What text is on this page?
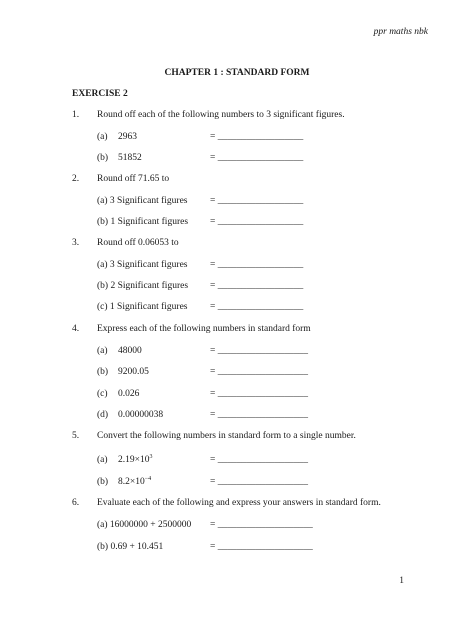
ppr maths nbk
CHAPTER 1 : STANDARD FORM
EXERCISE 2
1. Round off each of the following numbers to 3 significant figures.
(a) 2963	= __________________
(b) 51852	= __________________
2. Round off 71.65 to
(a) 3 Significant figures = __________________
(b) 1 Significant figures = __________________
3. Round off 0.06053 to
(a) 3 Significant figures = __________________
(b) 2 Significant figures = __________________
(c) 1 Significant figures = __________________
4. Express each of the following numbers in standard form
(a) 48000	= ___________________
(b) 9200.05	= ___________________
(c) 0.026	= ___________________
(d) 0.00000038	= ___________________
5. Convert the following numbers in standard form to a single number.
(a) $2.19\times 10^3$	= ___________________
(b) $8.2\times 10^{-4}$	= ___________________
6. Evaluate each of the following and express your answers in standard form.
(a) 16000000 + 2500000 = ____________________
(b) 0.69 + 10.451	= ____________________
1
